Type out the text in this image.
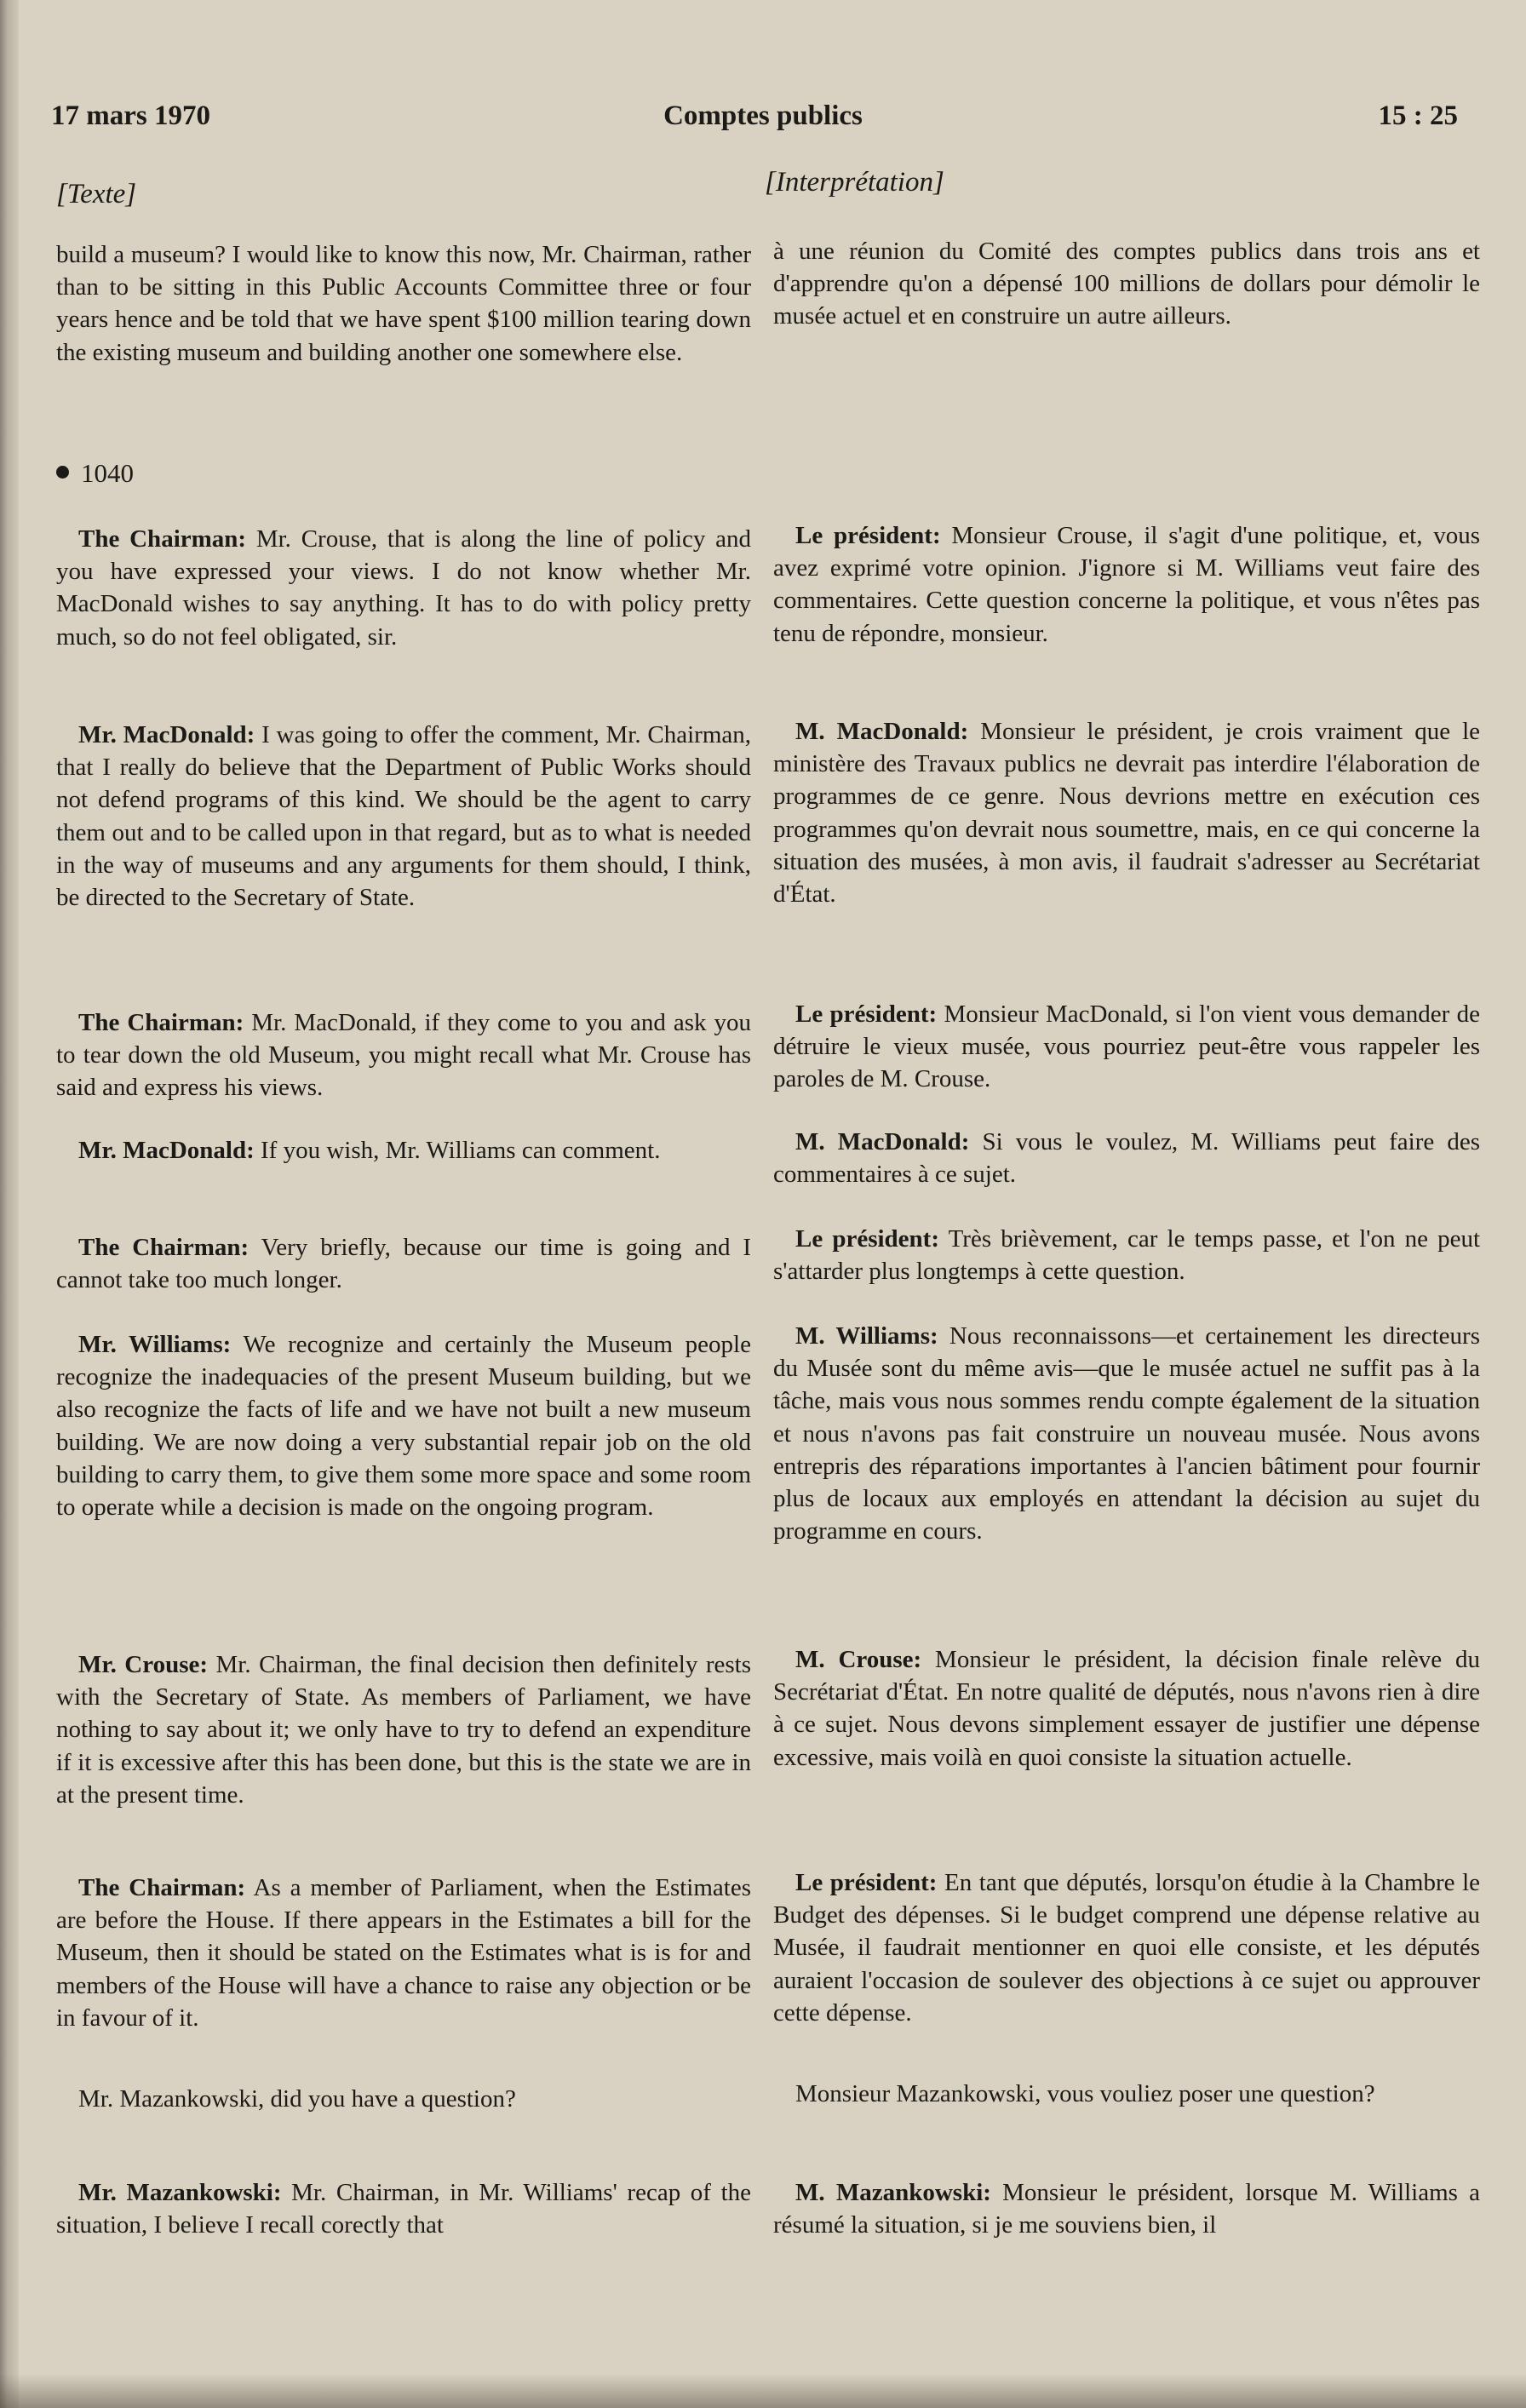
17 mars 1970	Comptes publics	15 : 25
[Texte]	[Interprétation]
1040

build a museum? I would like to know this now, Mr. Chairman, rather than to be sitting in this Public Accounts Committee three or four years hence and be told that we have spent $100 million tearing down the existing museum and building another one somewhere else.

The Chairman: Mr. Crouse, that is along the line of policy and you have expressed your views. I do not know whether Mr. MacDonald wishes to say anything. It has to do with policy pretty much, so do not feel obligated, sir.

Mr. MacDonald: I was going to offer the comment, Mr. Chairman, that I really do believe that the Department of Public Works should not defend programs of this kind. We should be the agent to carry them out and to be called upon in that regard, but as to what is needed in the way of museums and any arguments for them should, I think, be directed to the Secretary of State.

The Chairman: Mr. MacDonald, if they come to you and ask you to tear down the old Museum, you might recall what Mr. Crouse has said and express his views.

Mr. MacDonald: If you wish, Mr. Williams can comment.

The Chairman: Very briefly, because our time is going and I cannot take too much longer.

Mr. Williams: We recognize and certainly the Museum people recognize the inadequacies of the present Museum building, but we also recognize the facts of life and we have not built a new museum building. We are now doing a very substantial repair job on the old building to carry them, to give them some more space and some room to operate while a decision is made on the ongoing program.

Mr. Crouse: Mr. Chairman, the final decision then definitely rests with the Secretary of State. As members of Parliament, we have nothing to say about it; we only have to try to defend an expenditure if it is excessive after this has been done, but this is the state we are in at the present time.

The Chairman: As a member of Parliament, when the Estimates are before the House. If there appears in the Estimates a bill for the Museum, then it should be stated on the Estimates what is is for and members of the House will have a chance to raise any objection or be in favour of it.

Mr. Mazankowski, did you have a question?

Mr. Mazankowski: Mr. Chairman, in Mr. Williams' recap of the situation, I believe I recall corectly that

à une réunion du Comité des comptes publics dans trois ans et d'apprendre qu'on a dépensé 100 millions de dollars pour démolir le musée actuel et en construire un autre ailleurs.

Le président: Monsieur Crouse, il s'agit d'une politique, et, vous avez exprimé votre opinion. J'ignore si M. Williams veut faire des commentaires. Cette question concerne la politique, et vous n'êtes pas tenu de répondre, monsieur.

M. MacDonald: Monsieur le président, je crois vraiment que le ministère des Travaux publics ne devrait pas interdire l'élaboration de programmes de ce genre. Nous devrions mettre en exécution ces programmes qu'on devrait nous soumettre, mais, en ce qui concerne la situation des musées, à mon avis, il faudrait s'adresser au Secrétariat d'État.

Le président: Monsieur MacDonald, si l'on vient vous demander de détruire le vieux musée, vous pourriez peut-être vous rappeler les paroles de M. Crouse.

M. MacDonald: Si vous le voulez, M. Williams peut faire des commentaires à ce sujet.

Le président: Très brièvement, car le temps passe, et l'on ne peut s'attarder plus longtemps à cette question.

M. Williams: Nous reconnaissons—et certainement les directeurs du Musée sont du même avis—que le musée actuel ne suffit pas à la tâche, mais vous nous sommes rendu compte également de la situation et nous n'avons pas fait construire un nouveau musée. Nous avons entrepris des réparations importantes à l'ancien bâtiment pour fournir plus de locaux aux employés en attendant la décision au sujet du programme en cours.

M. Crouse: Monsieur le président, la décision finale relève du Secrétariat d'État. En notre qualité de députés, nous n'avons rien à dire à ce sujet. Nous devons simplement essayer de justifier une dépense excessive, mais voilà en quoi consiste la situation actuelle.

Le président: En tant que députés, lorsqu'on étudie à la Chambre le Budget des dépenses. Si le budget comprend une dépense relative au Musée, il faudrait mentionner en quoi elle consiste, et les députés auraient l'occasion de soulever des objections à ce sujet ou approuver cette dépense.

Monsieur Mazankowski, vous vouliez poser une question?

M. Mazankowski: Monsieur le président, lorsque M. Williams a résumé la situation, si je me souviens bien, il
